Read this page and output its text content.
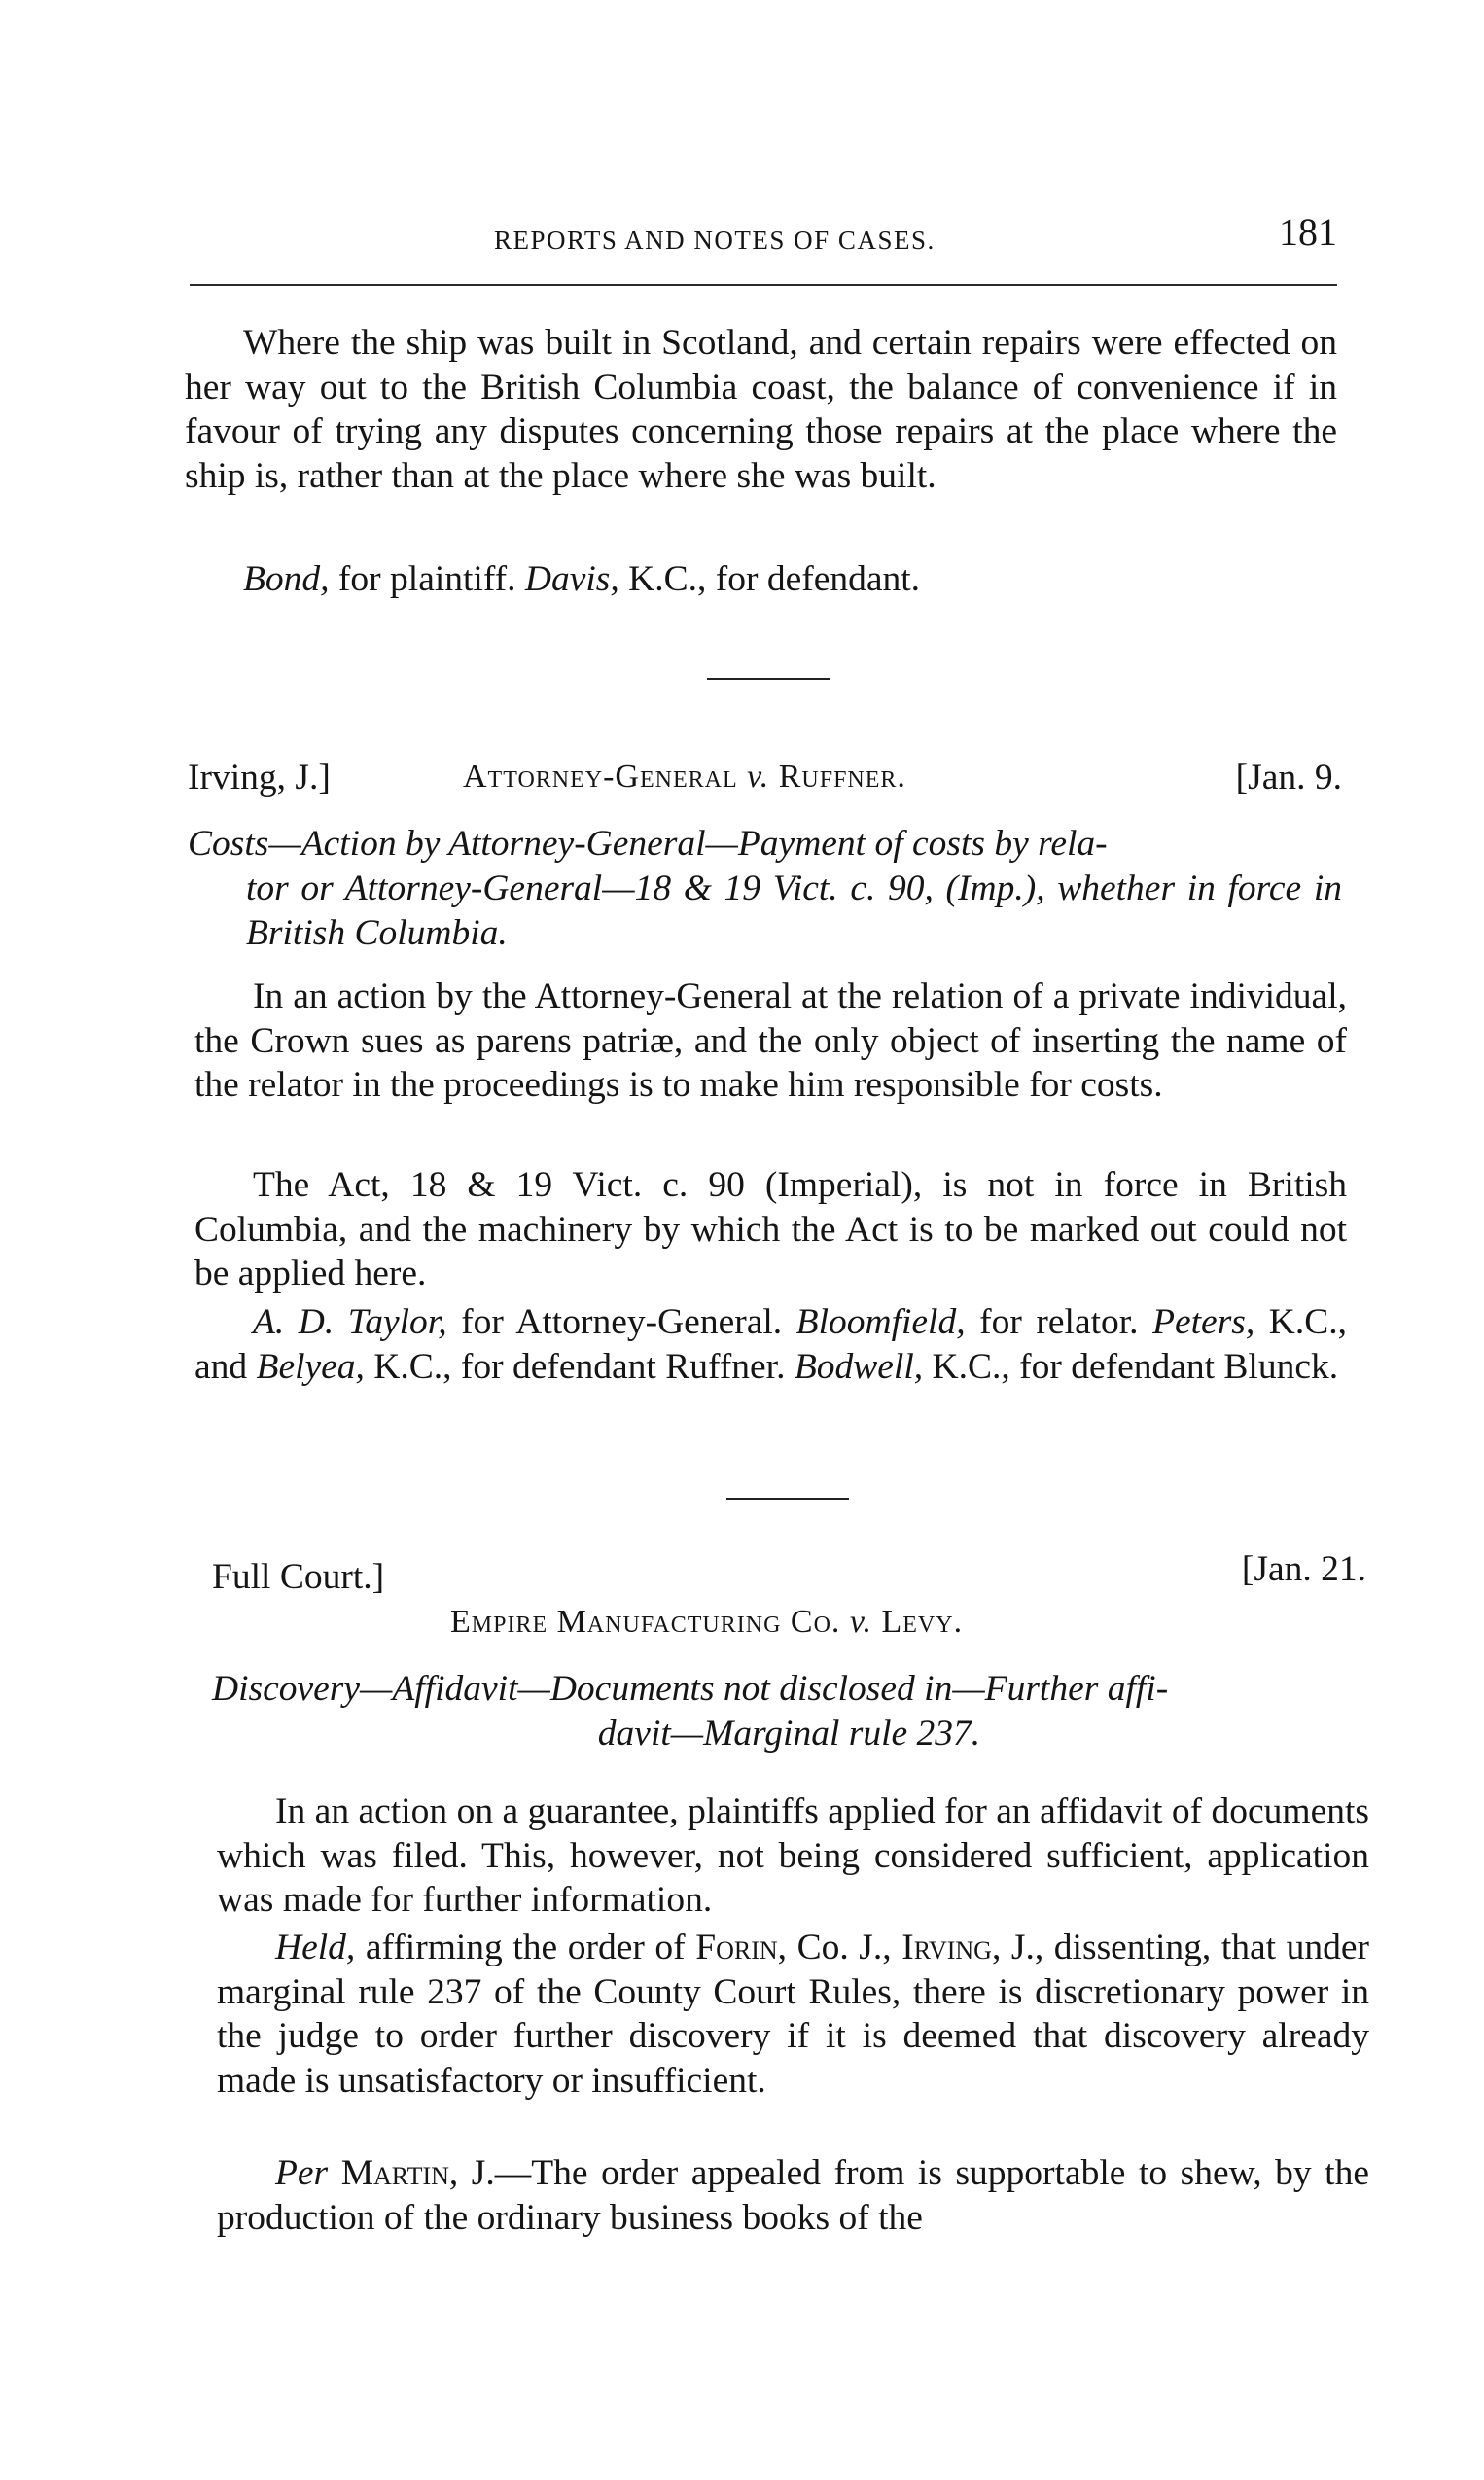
REPORTS AND NOTES OF CASES.	181
Where the ship was built in Scotland, and certain repairs were effected on her way out to the British Columbia coast, the balance of convenience if in favour of trying any disputes concerning those repairs at the place where the ship is, rather than at the place where she was built.
Bond, for plaintiff. Davis, K.C., for defendant.
Irving, J.]	Attorney-General v. Ruffner.	[Jan. 9.
Costs—Action by Attorney-General—Payment of costs by rela-
tor or Attorney-General—18 & 19 Vict. c. 90, (Imp.), whether in force in British Columbia.
In an action by the Attorney-General at the relation of a private individual, the Crown sues as parens patriæ, and the only object of inserting the name of the relator in the proceedings is to make him responsible for costs.
The Act, 18 & 19 Vict. c. 90 (Imperial), is not in force in British Columbia, and the machinery by which the Act is to be marked out could not be applied here.
A. D. Taylor, for Attorney-General. Bloomfield, for relator. Peters, K.C., and Belyea, K.C., for defendant Ruffner. Bodwell, K.C., for defendant Blunck.
Full Court.]	[Jan. 21.
Empire Manufacturing Co. v. Levy.
Discovery—Affidavit—Documents not disclosed in—Further affi-
davit—Marginal rule 237.
In an action on a guarantee, plaintiffs applied for an affidavit of documents which was filed. This, however, not being considered sufficient, application was made for further information.
Held, affirming the order of Forin, Co. J., Irving, J., dissenting, that under marginal rule 237 of the County Court Rules, there is discretionary power in the judge to order further discovery if it is deemed that discovery already made is unsatisfactory or insufficient.
Per Martin, J.—The order appealed from is supportable to shew, by the production of the ordinary business books of the
